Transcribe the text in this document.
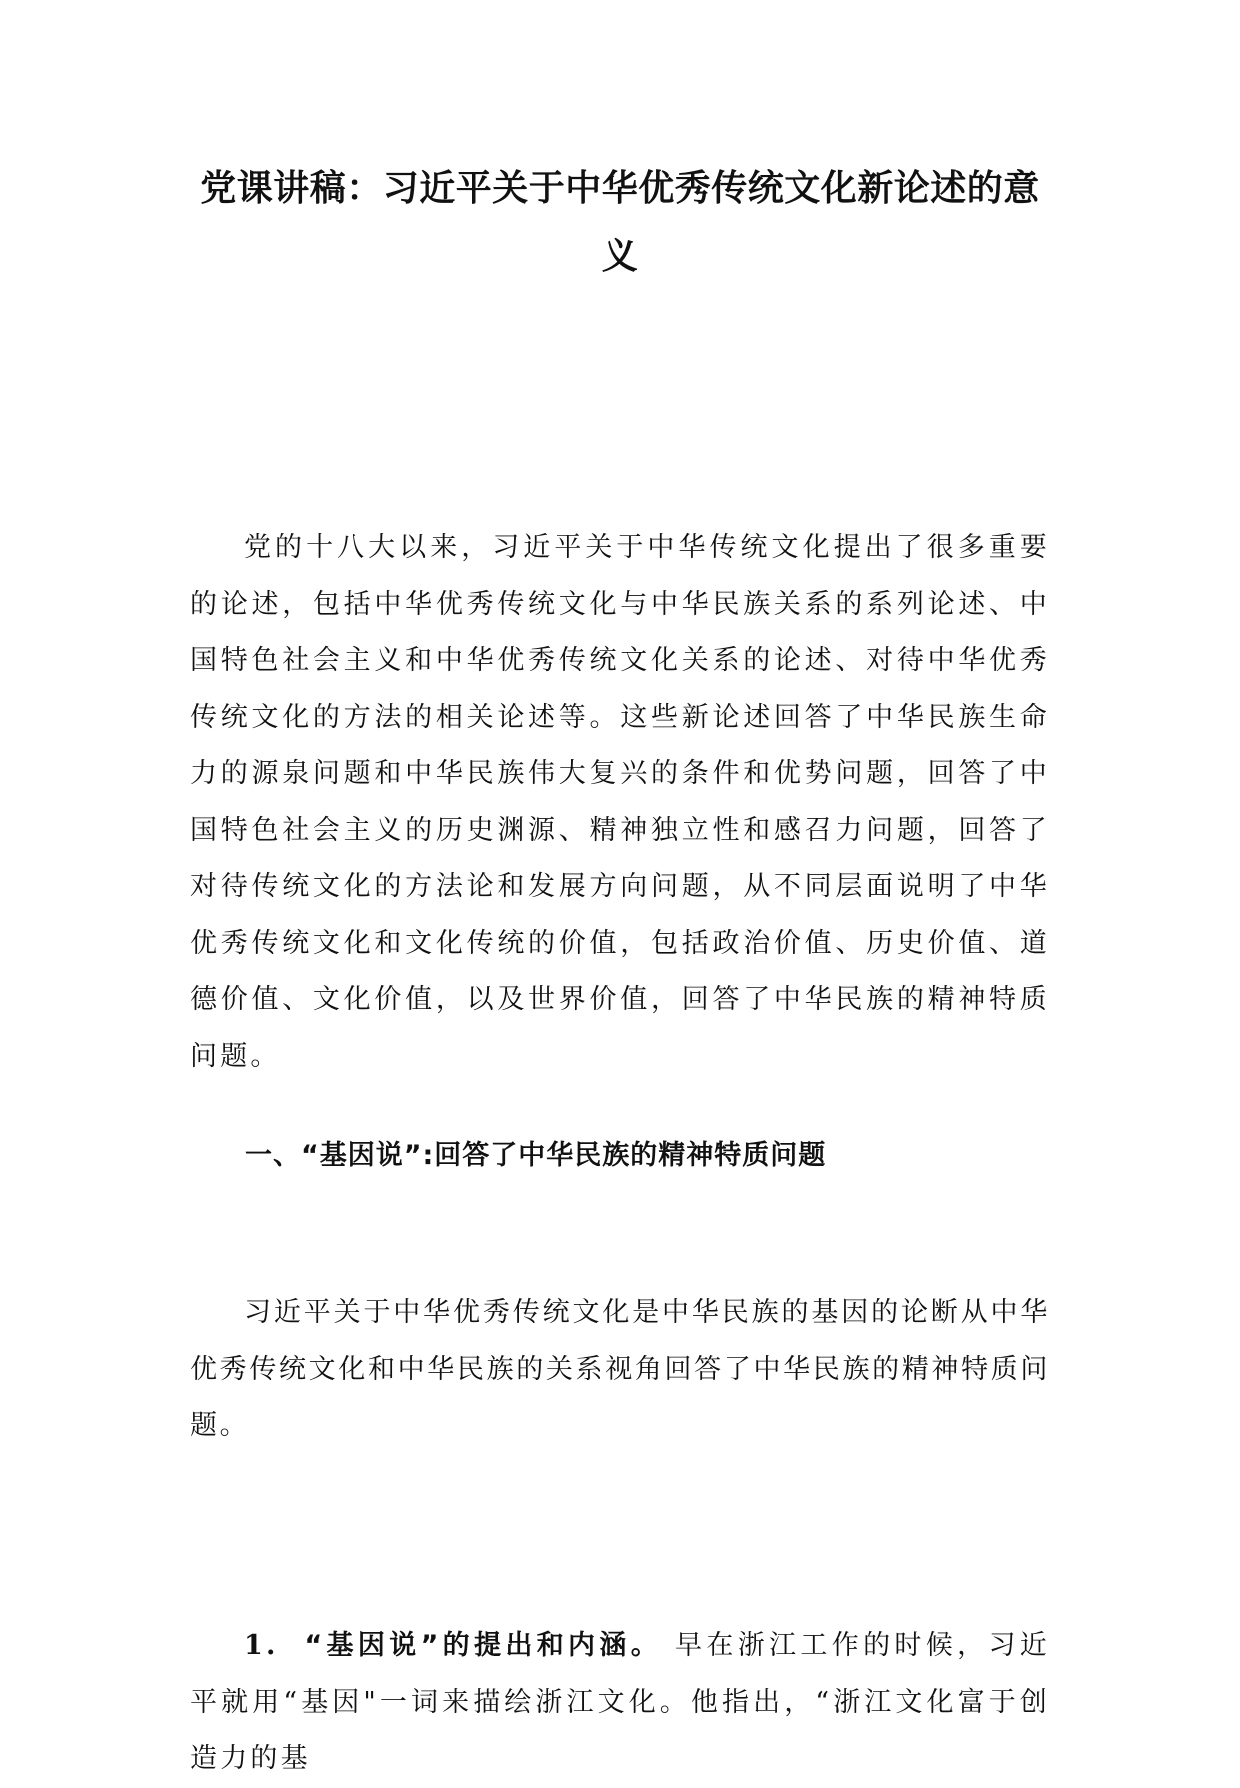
党课讲稿：习近平关于中华优秀传统文化新论述的意义
党的十八大以来，习近平关于中华传统文化提出了很多重要的论述，包括中华优秀传统文化与中华民族关系的系列论述、中国特色社会主义和中华优秀传统文化关系的论述、对待中华优秀传统文化的方法的相关论述等。这些新论述回答了中华民族生命力的源泉问题和中华民族伟大复兴的条件和优势问题，回答了中国特色社会主义的历史渊源、精神独立性和感召力问题，回答了对待传统文化的方法论和发展方向问题，从不同层面说明了中华优秀传统文化和文化传统的价值，包括政治价值、历史价值、道德价值、文化价值，以及世界价值，回答了中华民族的精神特质问题。
一、“基因说”:回答了中华民族的精神特质问题
习近平关于中华优秀传统文化是中华民族的基因的论断从中华优秀传统文化和中华民族的关系视角回答了中华民族的精神特质问题。
1. “基因说”的提出和内涵。 早在浙江工作的时候，习近平就用“基因"一词来描绘浙江文化。他指出，“浙江文化富于创造力的基
